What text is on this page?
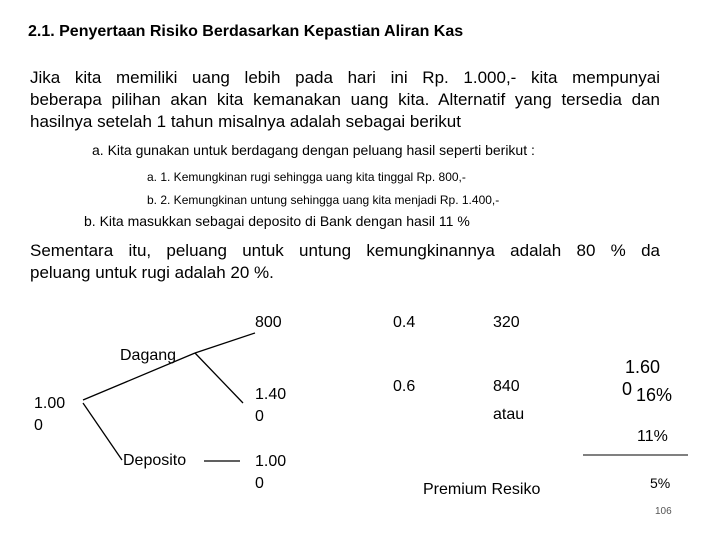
2.1. Penyertaan Risiko Berdasarkan Kepastian Aliran Kas
Jika kita memiliki uang lebih pada hari ini Rp. 1.000,- kita mempunyai
beberapa pilihan akan kita kemanakan uang kita. Alternatif yang tersedia dan
hasilnya setelah 1 tahun misalnya adalah sebagai berikut
a. Kita gunakan untuk berdagang dengan peluang hasil seperti berikut :
a. 1. Kemungkinan rugi sehingga uang kita tinggal Rp. 800,-
b. 2. Kemungkinan untung sehingga uang kita menjadi Rp. 1.400,-
b. Kita masukkan sebagai deposito di Bank dengan hasil 11 %
Sementara itu, peluang untuk untung kemungkinannya adalah 80 % da
peluang untuk rugi adalah 20 %.
1.00
0
Dagang
Deposito
800
1.40
0
1.00
0
0.4
0.6
320
840
atau
1.60
0 16%
11%
Premium Resiko	5%
106
